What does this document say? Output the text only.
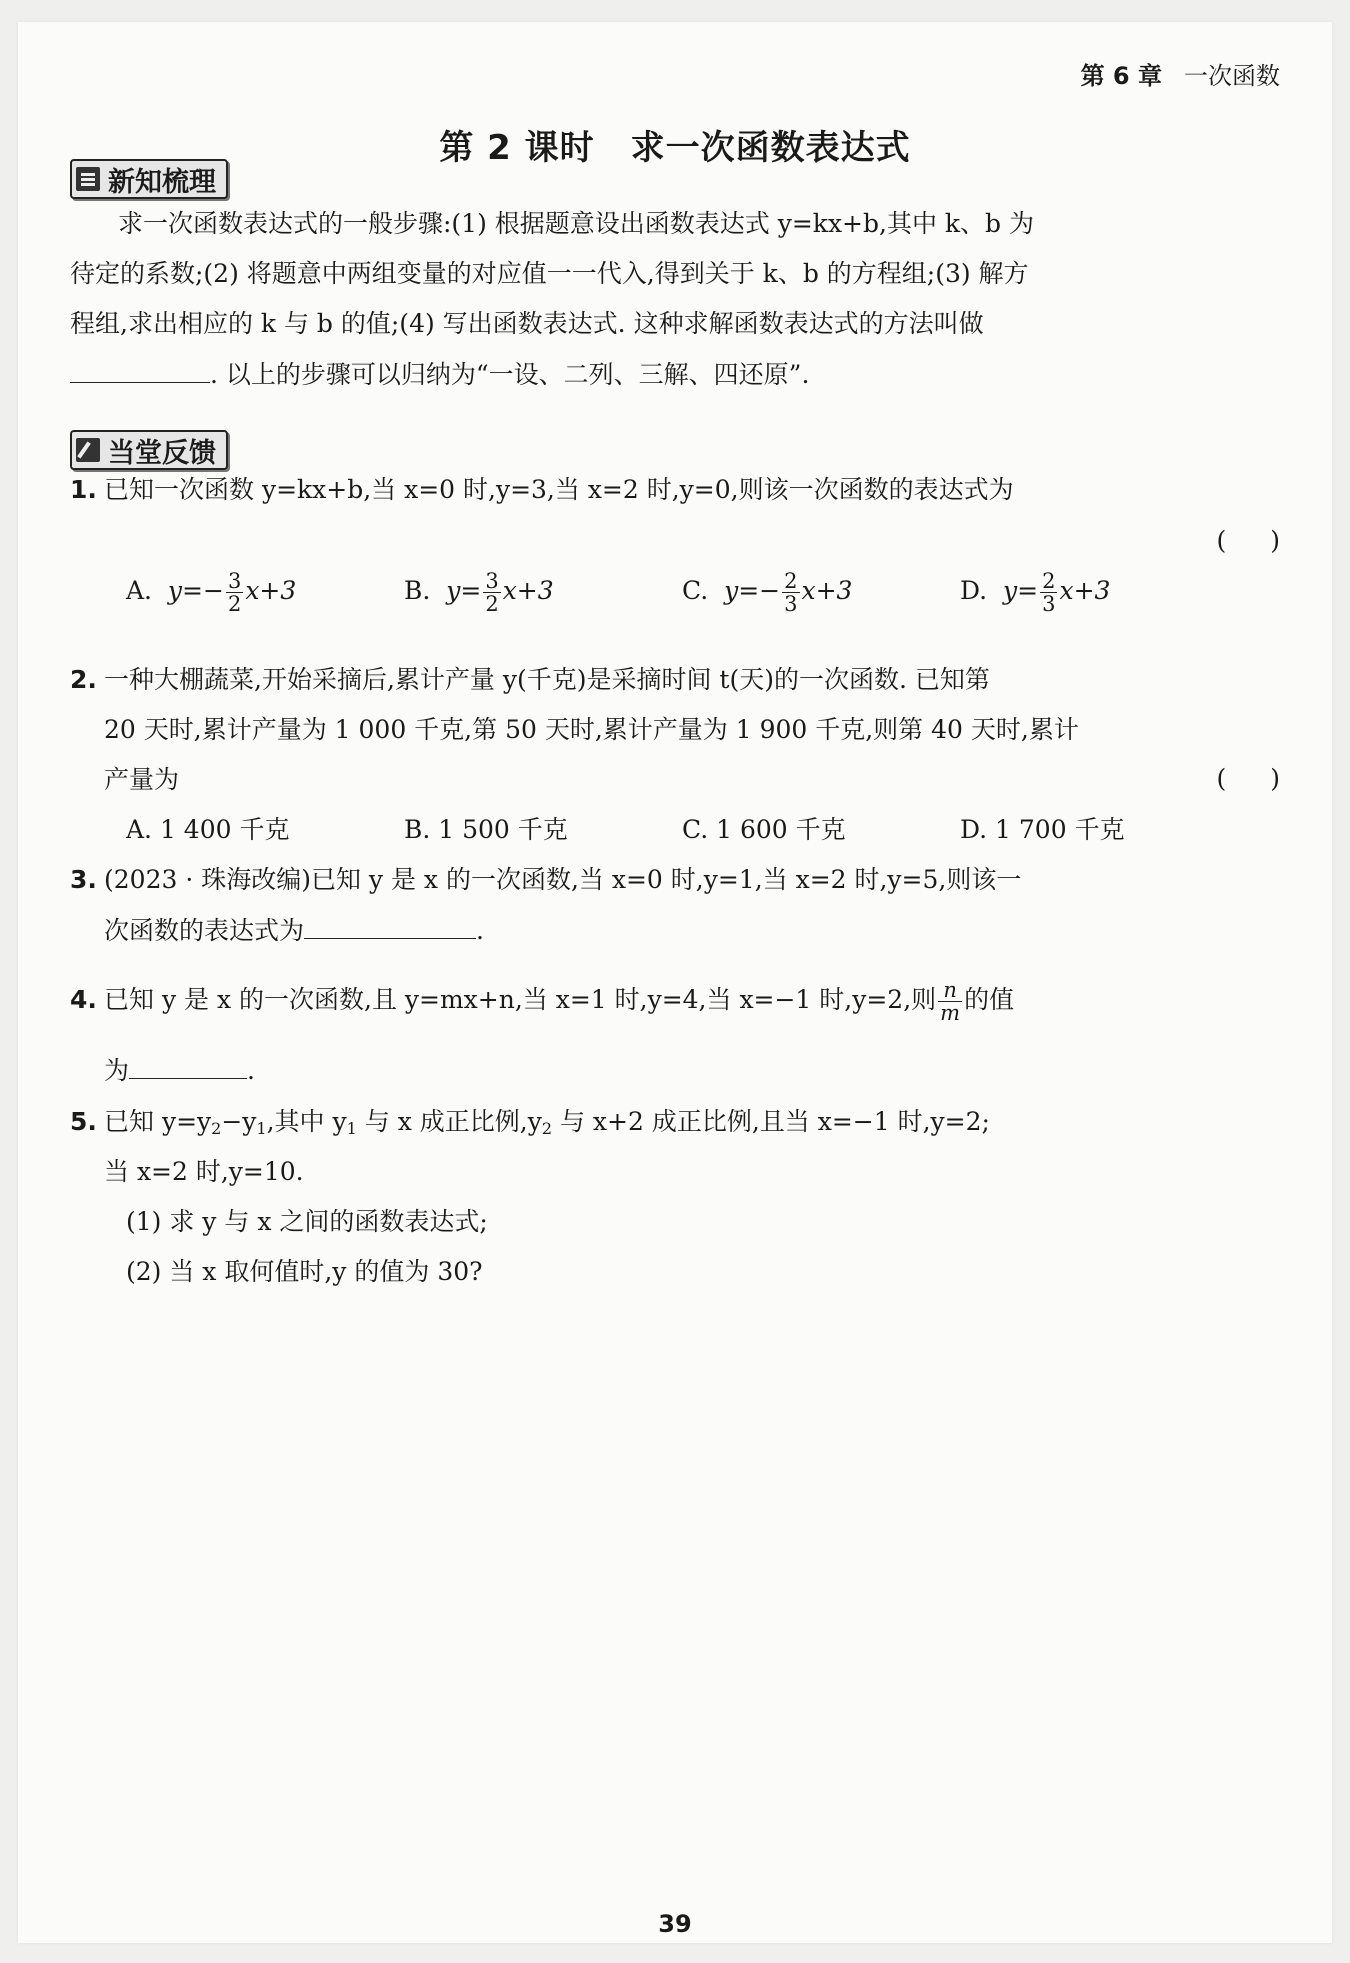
第 6 章 一次函数
第 2 课时 求一次函数表达式
新知梳理
求一次函数表达式的一般步骤:(1) 根据题意设出函数表达式 y=kx+b,其中 k、b 为
待定的系数;(2) 将题意中两组变量的对应值一一代入,得到关于 k、b 的方程组;(3) 解方
程组,求出相应的 k 与 b 的值;(4) 写出函数表达式. 这种求解函数表达式的方法叫做
. 以上的步骤可以归纳为“一设、二列、三解、四还原”.
当堂反馈
1. 已知一次函数 y=kx+b,当 x=0 时,y=3,当 x=2 时,y=0,则该一次函数的表达式为
( )
A. $y=- \frac{3}{2} x+3$	B. $y= \frac{3}{2} x+3$	C. $y=- \frac{2}{3} x+3$	D. $y= \frac{2}{3} x+3$
2. 一种大棚蔬菜,开始采摘后,累计产量 y(千克)是采摘时间 t(天)的一次函数. 已知第
20 天时,累计产量为 1 000 千克,第 50 天时,累计产量为 1 900 千克,则第 40 天时,累计
产量为	( )
A. 1 400 千克	B. 1 500 千克	C. 1 600 千克	D. 1 700 千克
3. (2023 · 珠海改编)已知 y 是 x 的一次函数,当 x=0 时,y=1,当 x=2 时,y=5,则该一
次函数的表达式为	.
4. 已知 y 是 x 的一次函数,且 y=mx+n,当 x=1 时,y=4,当 x=−1 时,y=2,则 $\frac{n}{m}$ 的值
为	.
5. 已知 $y=y_2-y_1$,其中 $y_1$ 与 x 成正比例$,y_2$ 与 x+2 成正比例,且当 x=−1 时,y=2;
当 x=2 时,y=10.
(1) 求 y 与 x 之间的函数表达式;
(2) 当 x 取何值时,y 的值为 30?
39
